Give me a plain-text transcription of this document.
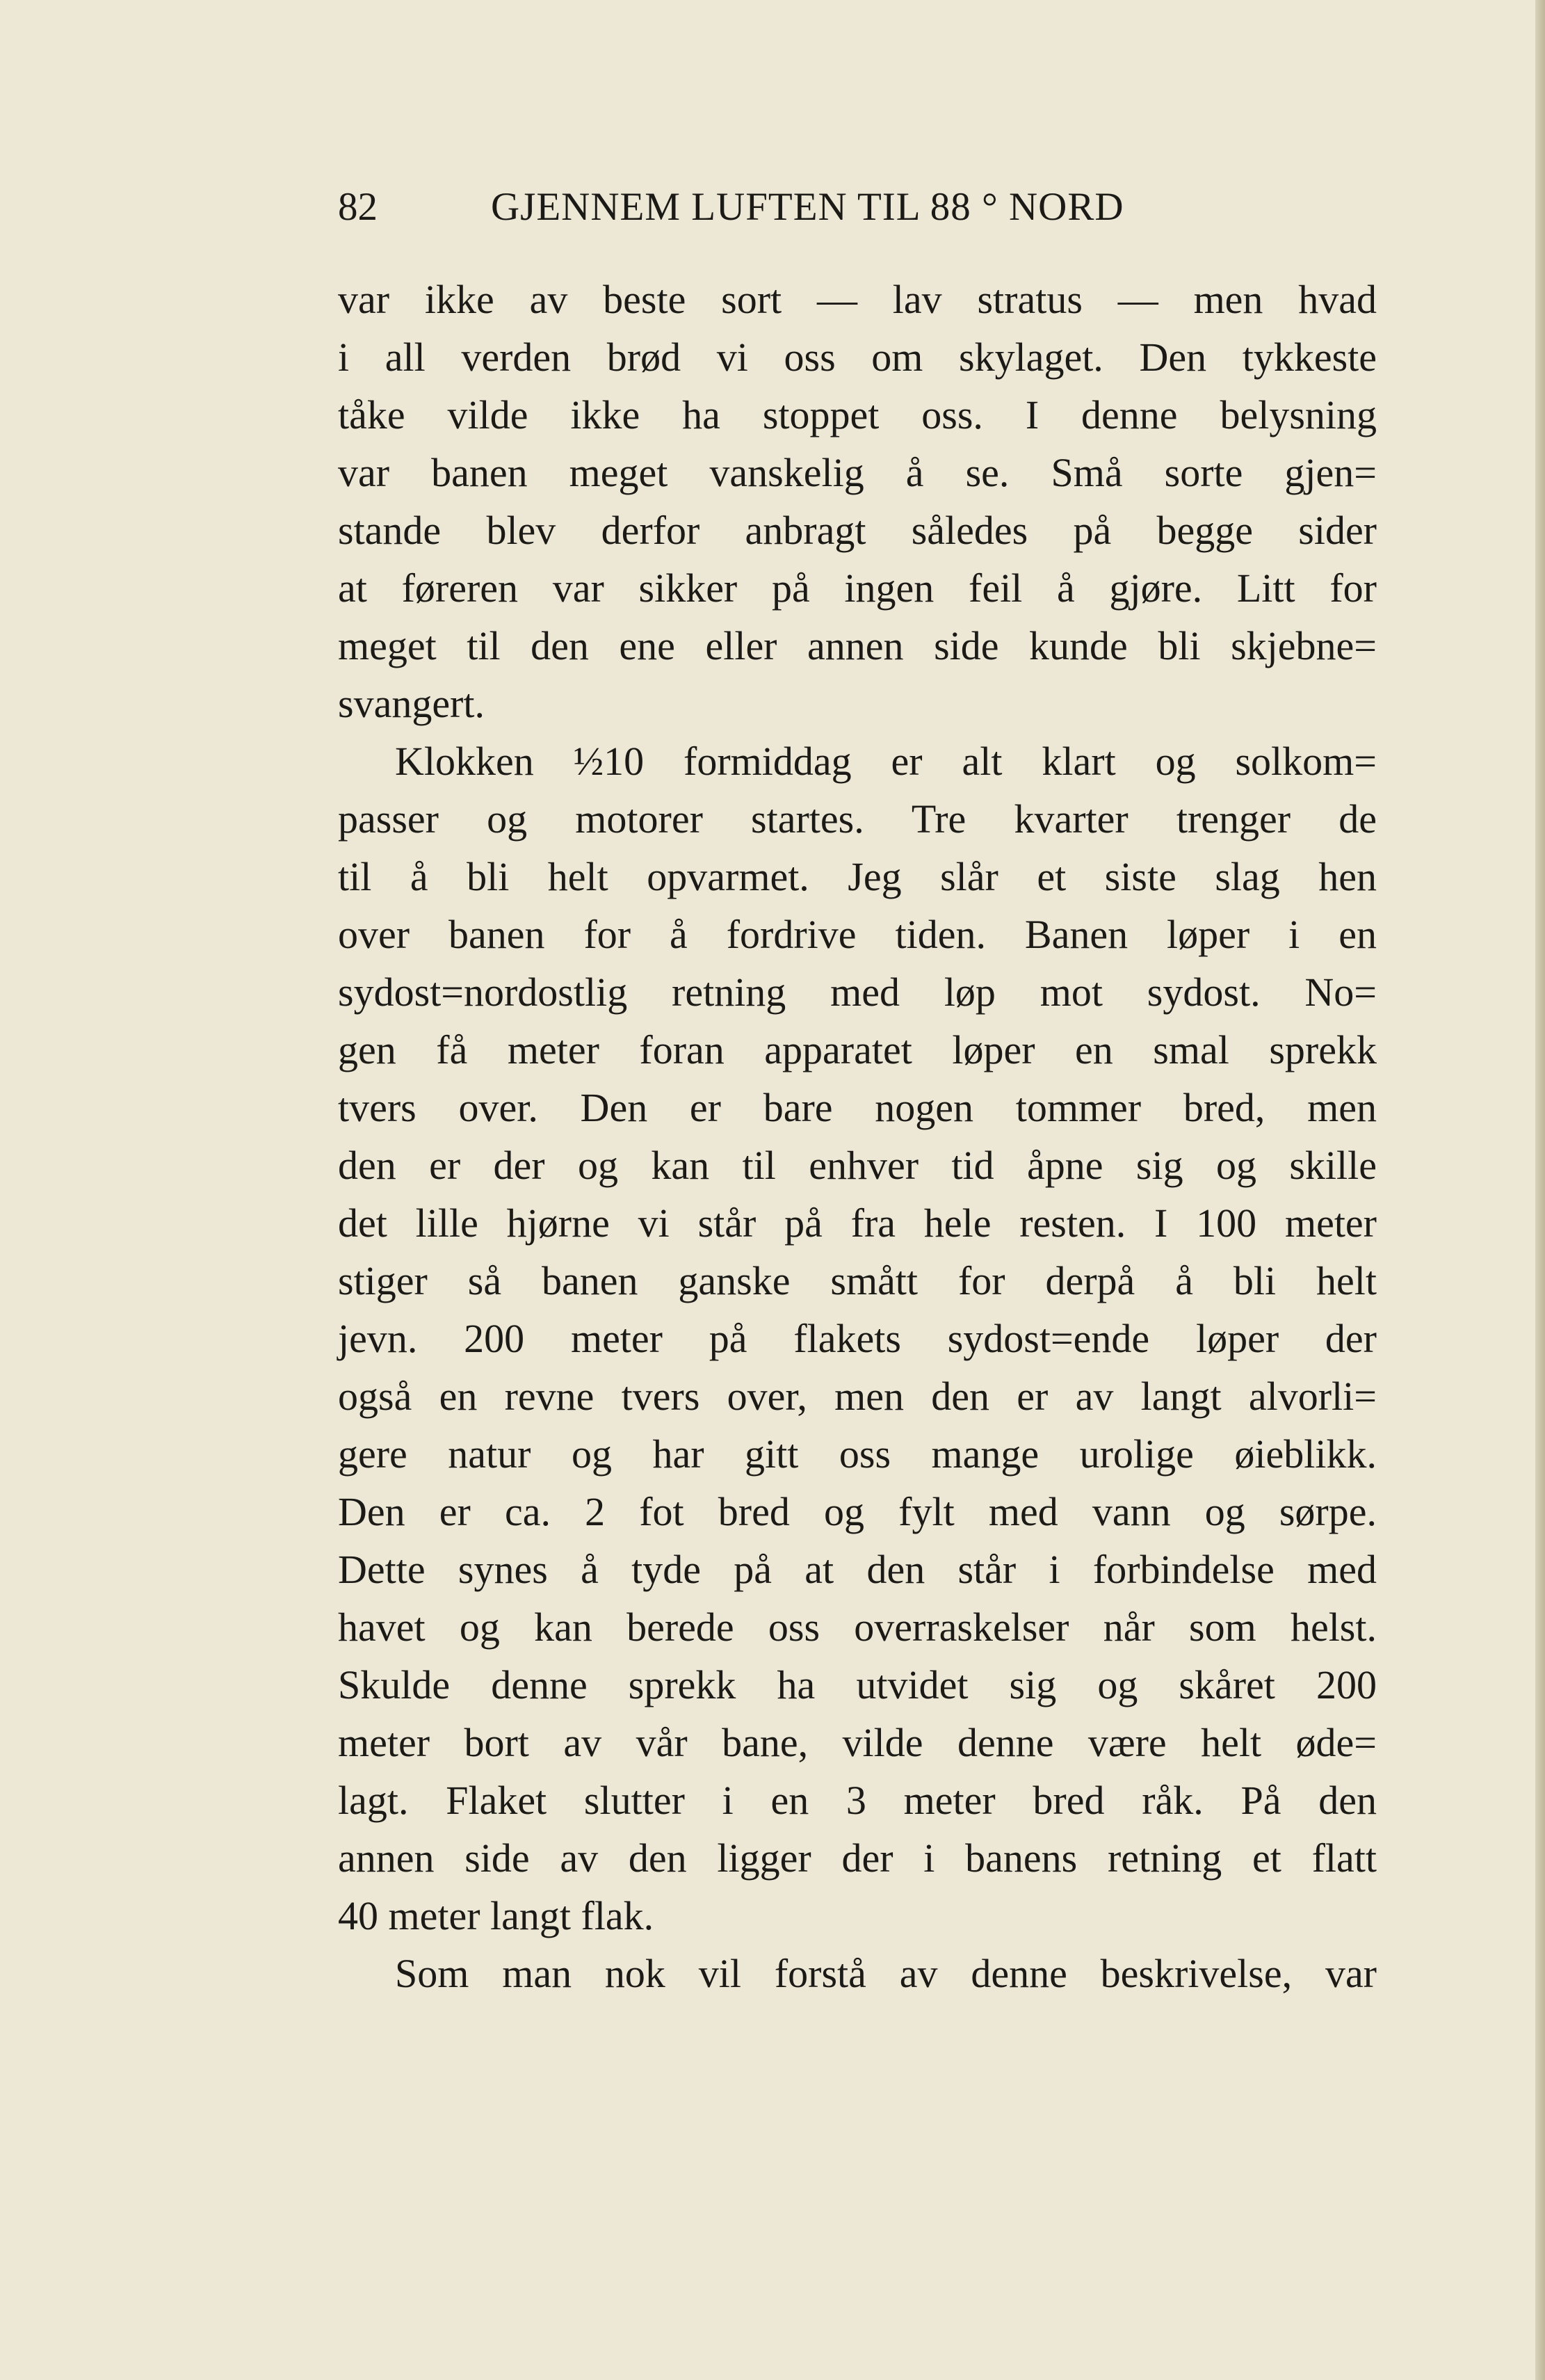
82	GJENNEM LUFTEN TIL 88 ° NORD
var ikke av beste sort — lav stratus — men hvad
i all verden brød vi oss om skylaget. Den tykkeste
tåke vilde ikke ha stoppet oss. I denne belysning
var banen meget vanskelig å se. Små sorte gjen=
stande blev derfor anbragt således på begge sider
at føreren var sikker på ingen feil å gjøre. Litt for
meget til den ene eller annen side kunde bli skjebne=
svangert.
Klokken ½10 formiddag er alt klart og solkom=
passer og motorer startes. Tre kvarter trenger de
til å bli helt opvarmet. Jeg slår et siste slag hen
over banen for å fordrive tiden. Banen løper i en
sydost=nordostlig retning med løp mot sydost. No=
gen få meter foran apparatet løper en smal sprekk
tvers over. Den er bare nogen tommer bred, men
den er der og kan til enhver tid åpne sig og skille
det lille hjørne vi står på fra hele resten. I 100 meter
stiger så banen ganske smått for derpå å bli helt
jevn. 200 meter på flakets sydost=ende løper der
også en revne tvers over, men den er av langt alvorli=
gere natur og har gitt oss mange urolige øieblikk.
Den er ca. 2 fot bred og fylt med vann og sørpe.
Dette synes å tyde på at den står i forbindelse med
havet og kan berede oss overraskelser når som helst.
Skulde denne sprekk ha utvidet sig og skåret 200
meter bort av vår bane, vilde denne være helt øde=
lagt. Flaket slutter i en 3 meter bred råk. På den
annen side av den ligger der i banens retning et flatt
40 meter langt flak.
Som man nok vil forstå av denne beskrivelse, var
